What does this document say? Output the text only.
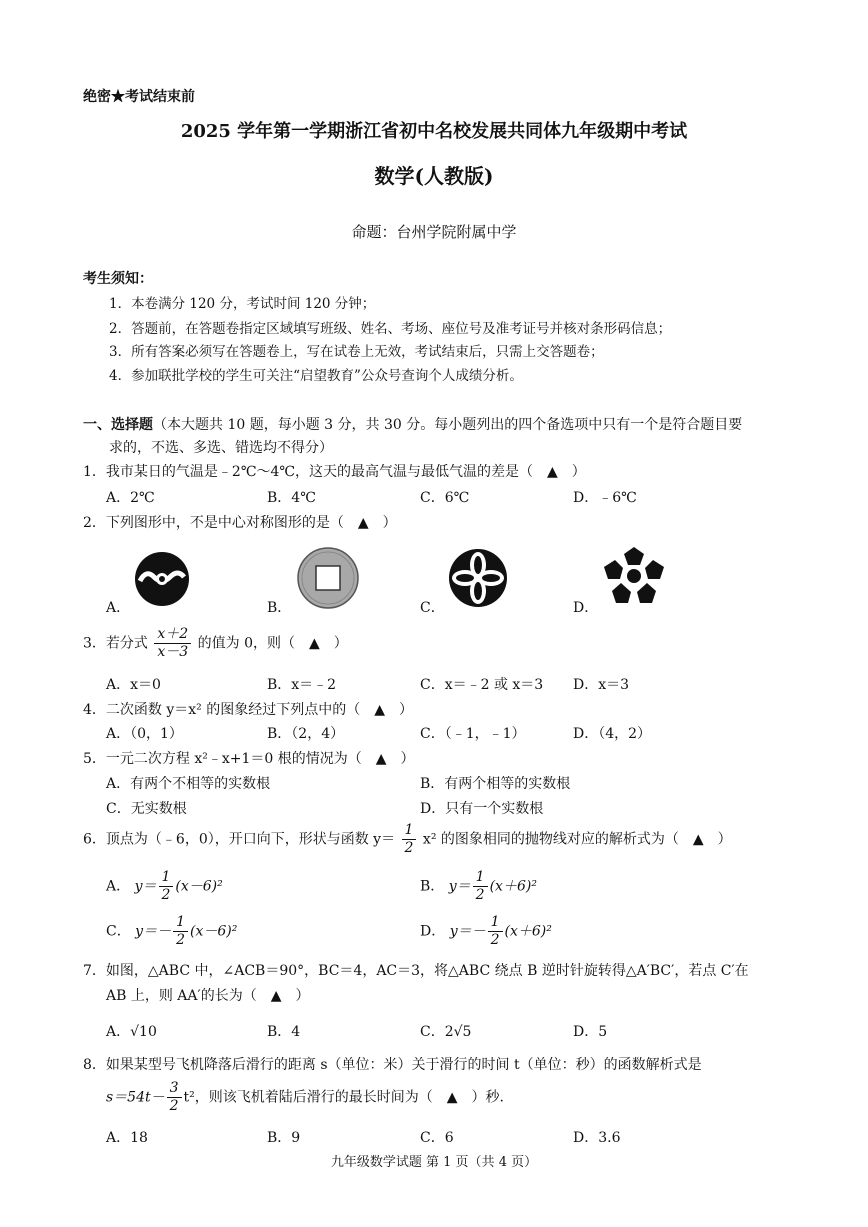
绝密★考试结束前
2025 学年第一学期浙江省初中名校发展共同体九年级期中考试
数学(人教版)
命题：台州学院附属中学
考生须知：
1．本卷满分 120 分，考试时间 120 分钟；
2．答题前，在答题卷指定区域填写班级、姓名、考场、座位号及准考证号并核对条形码信息；
3．所有答案必须写在答题卷上，写在试卷上无效，考试结束后，只需上交答题卷；
4．参加联批学校的学生可关注“启望教育”公众号查询个人成绩分析。
一、选择题（本大题共 10 题，每小题 3 分，共 30 分。每小题列出的四个备选项中只有一个是符合题目要
求的，不选、多选、错选均不得分）
1．我市某日的气温是﹣2℃～4℃，这天的最高气温与最低气温的差是（　▲　）
A．2℃	B．4℃	C．6℃	D．﹣6℃
2．下列图形中，不是中心对称图形的是（　▲　）
A．	B．	C．	D．
3．若分式 $\frac{x+2}{x-3}$ 的值为 0，则（　▲　）
A．x＝0	B．x＝﹣2	C．x＝﹣2 或 x＝3 D．x＝3
4．二次函数 y＝x² 的图象经过下列点中的（　▲　）
A．（0，1）	B．（2，4）	C．（﹣1，﹣1）	D．（4，2）
5．一元二次方程 x²﹣x+1＝0 根的情况为（　▲　）
A．有两个不相等的实数根	B．有两个相等的实数根
C．无实数根	D．只有一个实数根
6．顶点为（﹣6，0），开口向下，形状与函数 $y= \frac{1}{2} x^2$ 的图象相同的抛物线对应的解析式为（　▲　）
A． $y= \frac{1}{2} (x-6)^2$	B． $y= \frac{1}{2} (x+6)^2$
C． $y=- \frac{1}{2} (x-6)^2$	D． $y=- \frac{1}{2} (x+6)^2$
7．如图，△ABC 中，∠ACB＝90°，BC＝4，AC＝3，将△ABC 绕点 B 逆时针旋转得△A′BC′，若点 C′在
AB 上，则 AA′的长为（　▲　）
A．√10	B．4	C．2√5	D．5
8．如果某型号飞机降落后滑行的距离 s（单位：米）关于滑行的时间 t（单位：秒）的函数解析式是
$s=54t- \frac{3}{2} t^2$，则该飞机着陆后滑行的最长时间为（　▲　）秒.
A．18	B．9	C．6	D．3.6
九年级数学试题 第 1 页（共 4 页）
